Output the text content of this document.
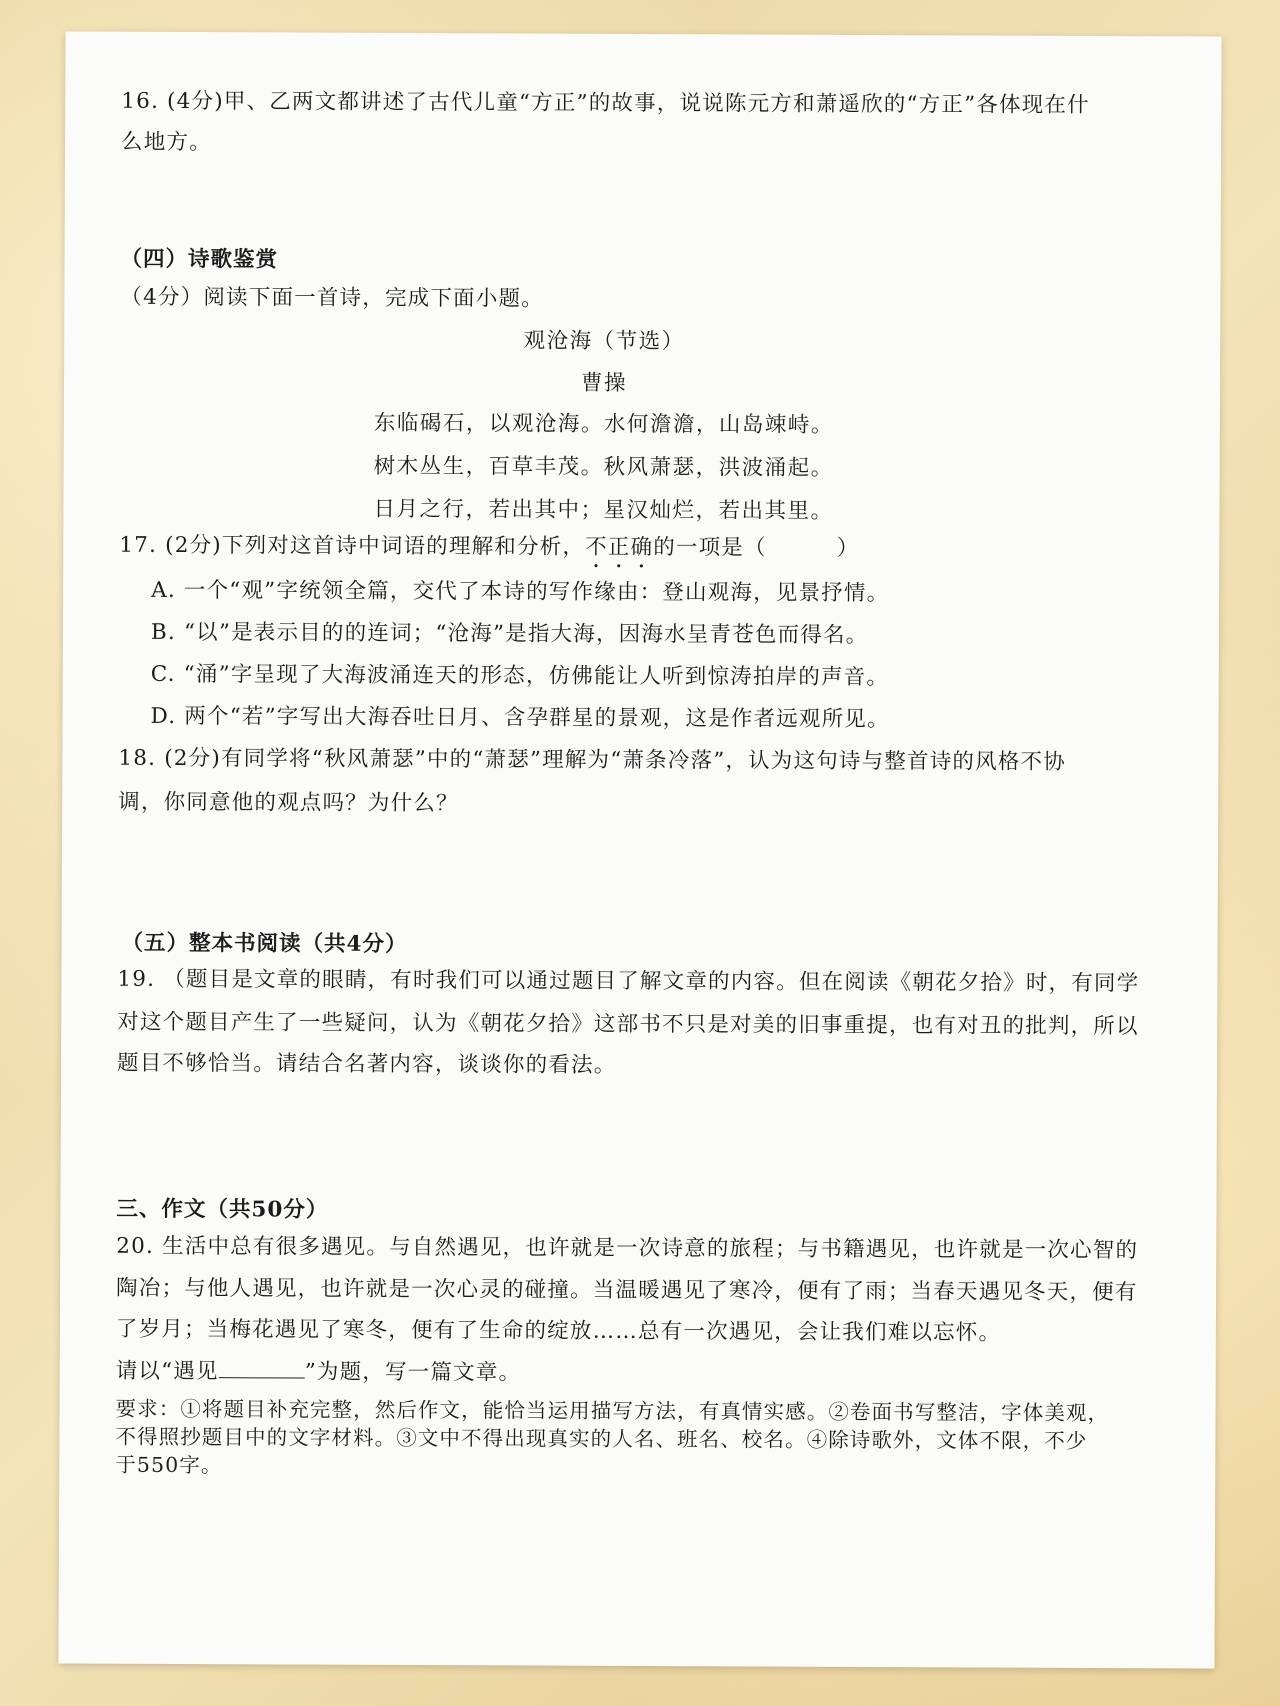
16. (4分)甲、乙两文都讲述了古代儿童“方正”的故事，说说陈元方和萧遥欣的“方正”各体现在什
么地方。
（四）诗歌鉴赏
（4分）阅读下面一首诗，完成下面小题。
观沧海（节选）
曹操
东临碣石，以观沧海。水何澹澹，山岛竦峙。
树木丛生，百草丰茂。秋风萧瑟，洪波涌起。
日月之行，若出其中；星汉灿烂，若出其里。
17. (2分)下列对这首诗中词语的理解和分析，不正确的一项是（	）
A. 一个“观”字统领全篇，交代了本诗的写作缘由：登山观海，见景抒情。
B. “以”是表示目的的连词；“沧海”是指大海，因海水呈青苍色而得名。
C. “涌”字呈现了大海波涌连天的形态，仿佛能让人听到惊涛拍岸的声音。
D. 两个“若”字写出大海吞吐日月、含孕群星的景观，这是作者远观所见。
18. (2分)有同学将“秋风萧瑟”中的“萧瑟”理解为“萧条冷落”，认为这句诗与整首诗的风格不协
调，你同意他的观点吗？为什么？
（五）整本书阅读（共4分）
19. （题目是文章的眼睛，有时我们可以通过题目了解文章的内容。但在阅读《朝花夕拾》时，有同学
对这个题目产生了一些疑问，认为《朝花夕拾》这部书不只是对美的旧事重提，也有对丑的批判，所以
题目不够恰当。请结合名著内容，谈谈你的看法。
三、作文（共50分）
20. 生活中总有很多遇见。与自然遇见，也许就是一次诗意的旅程；与书籍遇见，也许就是一次心智的
陶冶；与他人遇见，也许就是一次心灵的碰撞。当温暖遇见了寒冷，便有了雨；当春天遇见冬天，便有
了岁月；当梅花遇见了寒冬，便有了生命的绽放……总有一次遇见，会让我们难以忘怀。
请以“遇见	”为题，写一篇文章。
要求：①将题目补充完整，然后作文，能恰当运用描写方法，有真情实感。②卷面书写整洁，字体美观，
不得照抄题目中的文字材料。③文中不得出现真实的人名、班名、校名。④除诗歌外，文体不限，不少
于550字。
